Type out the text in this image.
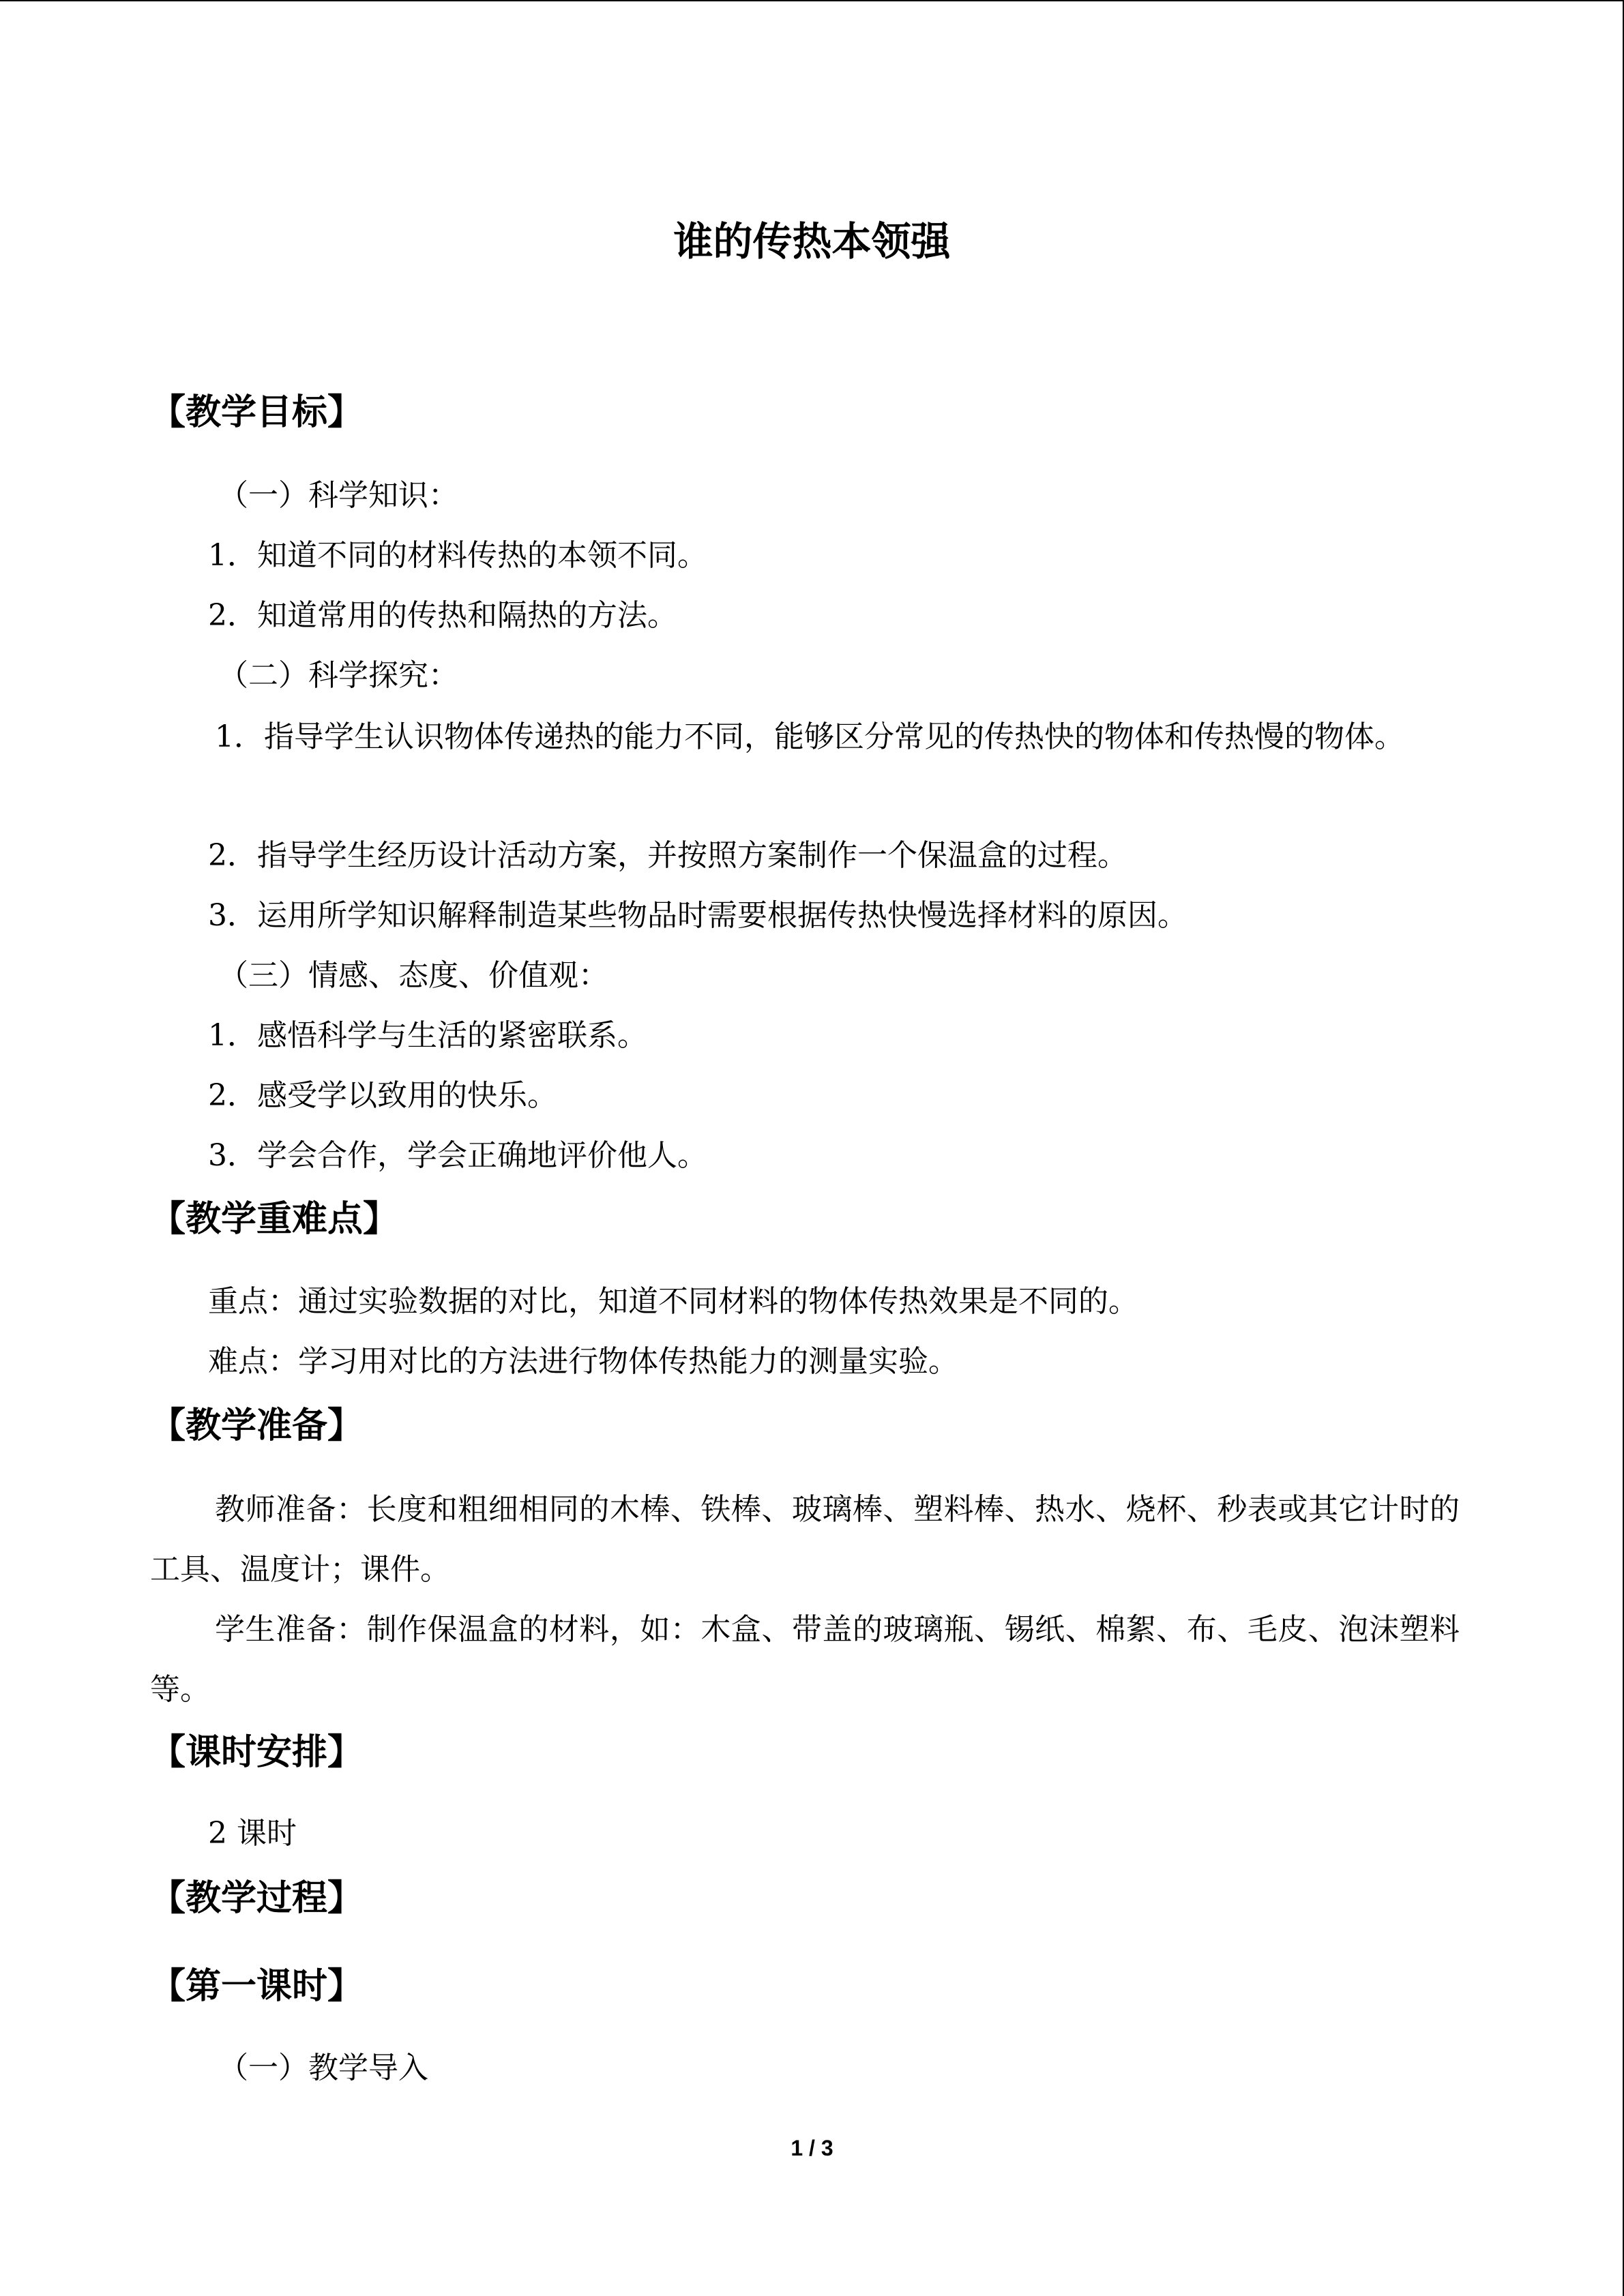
谁的传热本领强
【教学目标】

（一）科学知识：

1．知道不同的材料传热的本领不同。

2．知道常用的传热和隔热的方法。

（二）科学探究：

1．指导学生认识物体传递热的能力不同，能够区分常见的传热快的物体和传热慢的物体。

2．指导学生经历设计活动方案，并按照方案制作一个保温盒的过程。

3．运用所学知识解释制造某些物品时需要根据传热快慢选择材料的原因。

（三）情感、态度、价值观：

1．感悟科学与生活的紧密联系。

2．感受学以致用的快乐。

3．学会合作，学会正确地评价他人。

【教学重难点】

重点：通过实验数据的对比，知道不同材料的物体传热效果是不同的。

难点：学习用对比的方法进行物体传热能力的测量实验。

【教学准备】

教师准备：长度和粗细相同的木棒、铁棒、玻璃棒、塑料棒、热水、烧杯、秒表或其它计时的工具、温度计；课件。

学生准备：制作保温盒的材料，如：木盒、带盖的玻璃瓶、锡纸、棉絮、布、毛皮、泡沫塑料等。

【课时安排】

2 课时

【教学过程】
【第一课时】

（一）教学导入

1 / 3
